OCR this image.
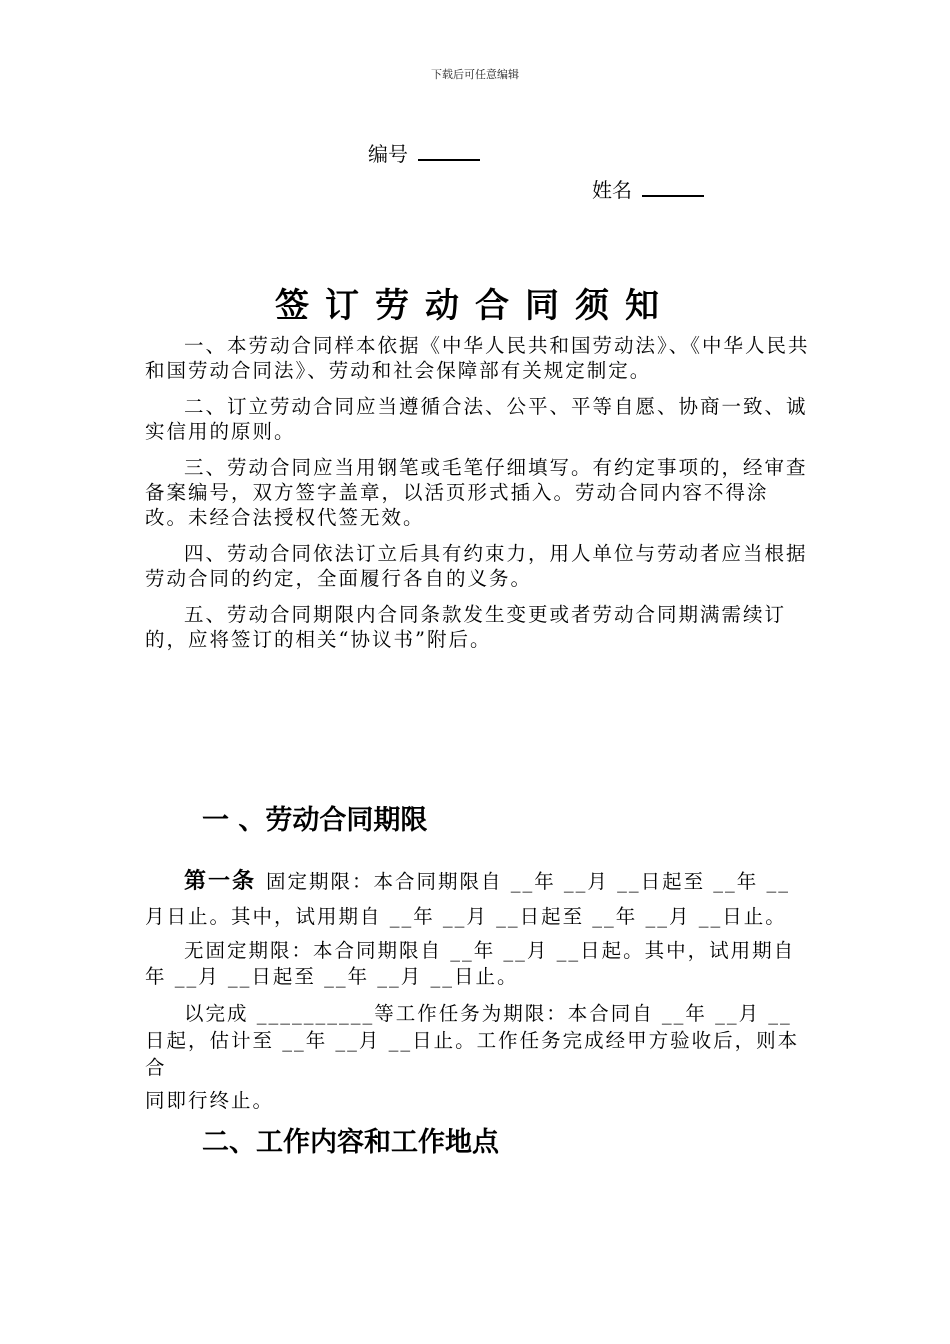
下载后可任意编辑
编号
姓名
签订劳动合同须知

一、本劳动合同样本依据《中华人民共和国劳动法》、《中华人民共和国劳动合同法》、劳动和社会保障部有关规定制定。

二、订立劳动合同应当遵循合法、公平、平等自愿、协商一致、诚实信用的原则。

三、劳动合同应当用钢笔或毛笔仔细填写。有约定事项的，经审查备案编号，双方签字盖章，以活页形式插入。劳动合同内容不得涂改。未经合法授权代签无效。

四、劳动合同依法订立后具有约束力，用人单位与劳动者应当根据劳动合同的约定，全面履行各自的义务。

五、劳动合同期限内合同条款发生变更或者劳动合同期满需续订的，应将签订的相关“协议书”附后。

一 、劳动合同期限

第一条 固定期限：本合同期限自 __年 __月 __日起至 __年 __月日止。其中，试用期自 __年 __月 __日起至 __年 __月 __日止。

无固定期限：本合同期限自 __年 __月 __日起。其中，试用期自年 __月 __日起至 __年 __月 __日止。

以完成 __________等工作任务为期限：本合同自 __年 __月 __日起，估计至 __年 __月 __日止。工作任务完成经甲方验收后，则本合

同即行终止。

二、工作内容和工作地点
